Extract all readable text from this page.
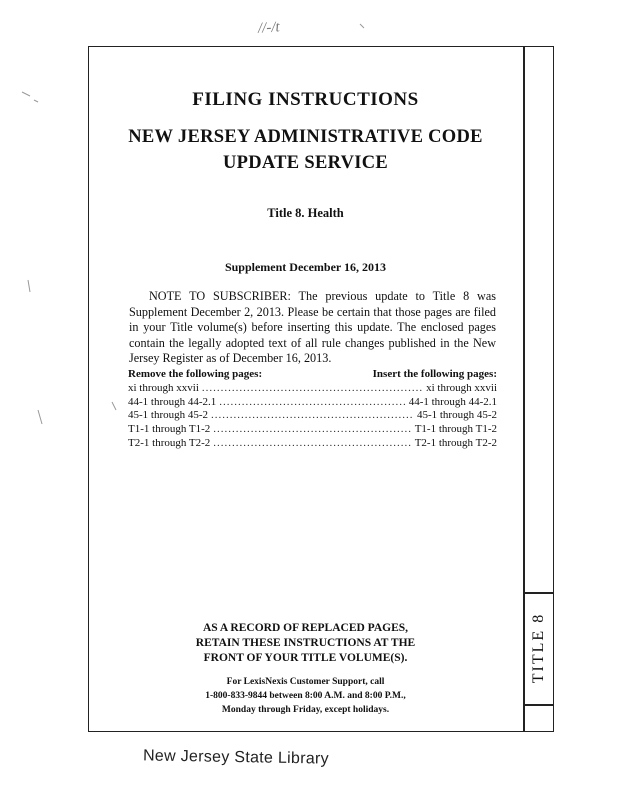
//-/t
TITLE 8
FILING INSTRUCTIONS
NEW JERSEY ADMINISTRATIVE CODE
UPDATE SERVICE
Title 8. Health
Supplement December 16, 2013
NOTE TO SUBSCRIBER: The previous update to Title 8 was Supplement December 2, 2013. Please be certain that those pages are filed in your Title volume(s) before inserting this update. The enclosed pages contain the legally adopted text of all rule changes published in the New Jersey Register as of December 16, 2013.
Remove the following pages:	Insert the following pages:
xi through xxvii .....	xi through xxvii
44-1 through 44-2.1 .....	44-1 through 44-2.1
45-1 through 45-2 .....	45-1 through 45-2
T1-1 through T1-2 .....	T1-1 through T1-2
T2-1 through T2-2 .....	T2-1 through T2-2
AS A RECORD OF REPLACED PAGES,
RETAIN THESE INSTRUCTIONS AT THE
FRONT OF YOUR TITLE VOLUME(S).
For LexisNexis Customer Support, call
1-800-833-9844 between 8:00 A.M. and 8:00 P.M.,
Monday through Friday, except holidays.
New Jersey State Library
